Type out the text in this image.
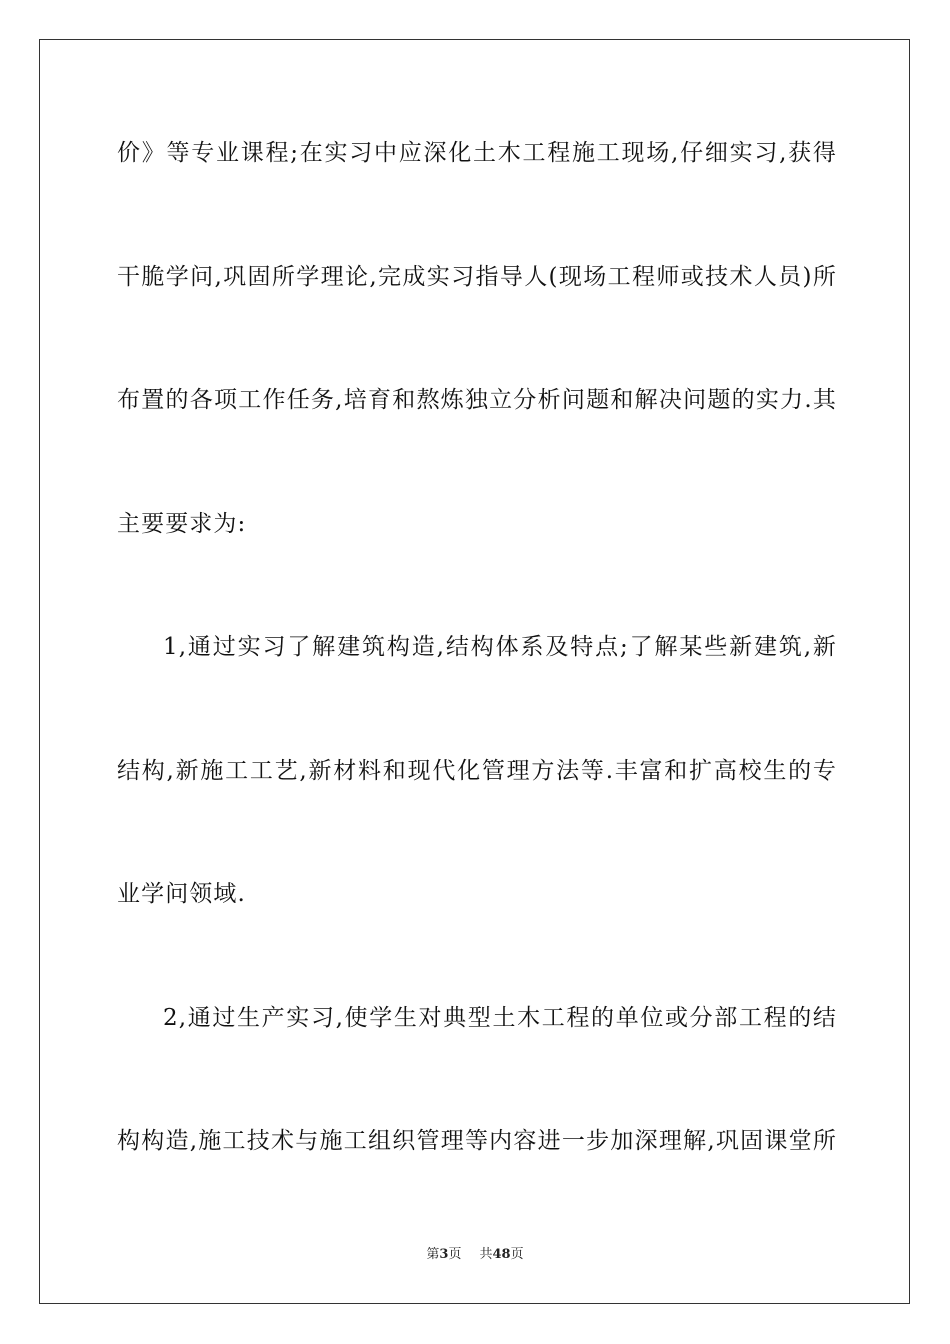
价》等专业课程;在实习中应深化土木工程施工现场,仔细实习,获得
干脆学问,巩固所学理论,完成实习指导人(现场工程师或技术人员)所
布置的各项工作任务,培育和熬炼独立分析问题和解决问题的实力.其
主要要求为:
1,通过实习了解建筑构造,结构体系及特点;了解某些新建筑,新
结构,新施工工艺,新材料和现代化管理方法等.丰富和扩高校生的专
业学问领域.
2,通过生产实习,使学生对典型土木工程的单位或分部工程的结
构构造,施工技术与施工组织管理等内容进一步加深理解,巩固课堂所
第3页 共48页
